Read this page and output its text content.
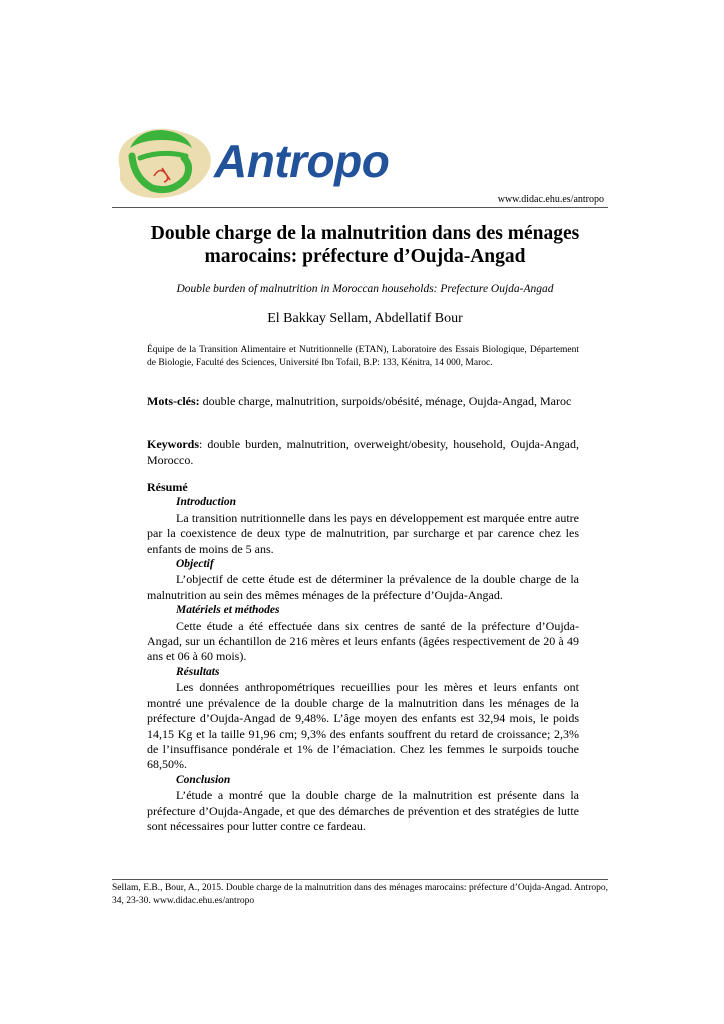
Antropo
www.didac.ehu.es/antropo
Double charge de la malnutrition dans des ménages marocains: préfecture d’Oujda-Angad
Double burden of malnutrition in Moroccan households: Prefecture Oujda-Angad
El Bakkay Sellam, Abdellatif Bour
Équipe de la Transition Alimentaire et Nutritionnelle (ETAN), Laboratoire des Essais Biologique, Département de Biologie, Faculté des Sciences, Université Ibn Tofail, B.P: 133, Kénitra, 14 000, Maroc.
Mots-clés: double charge, malnutrition, surpoids/obésité, ménage, Oujda-Angad, Maroc
Keywords: double burden, malnutrition, overweight/obesity, household, Oujda-Angad, Morocco.
Résumé
Introduction

La transition nutritionnelle dans les pays en développement est marquée entre autre par la coexistence de deux type de malnutrition, par surcharge et par carence chez les enfants de moins de 5 ans.

Objectif

L’objectif de cette étude est de déterminer la prévalence de la double charge de la malnutrition au sein des mêmes ménages de la préfecture d’Oujda-Angad.

Matériels et méthodes

Cette étude a été effectuée dans six centres de santé de la préfecture d’Oujda-Angad, sur un échantillon de 216 mères et leurs enfants (âgées respectivement de 20 à 49 ans et 06 à 60 mois).

Résultats

Les données anthropométriques recueillies pour les mères et leurs enfants ont montré une prévalence de la double charge de la malnutrition dans les ménages de la préfecture d’Oujda-Angad de 9,48%. L’âge moyen des enfants est 32,94 mois, le poids 14,15 Kg et la taille 91,96 cm; 9,3% des enfants souffrent du retard de croissance; 2,3% de l’insuffisance pondérale et 1% de l’émaciation. Chez les femmes le surpoids touche 68,50%.

Conclusion

L’étude a montré que la double charge de la malnutrition est présente dans la préfecture d’Oujda-Angade, et que des démarches de prévention et des stratégies de lutte sont nécessaires pour lutter contre ce fardeau.

Sellam, E.B., Bour, A., 2015. Double charge de la malnutrition dans des ménages marocains: préfecture d’Oujda-Angad. Antropo, 34, 23-30. www.didac.ehu.es/antropo
